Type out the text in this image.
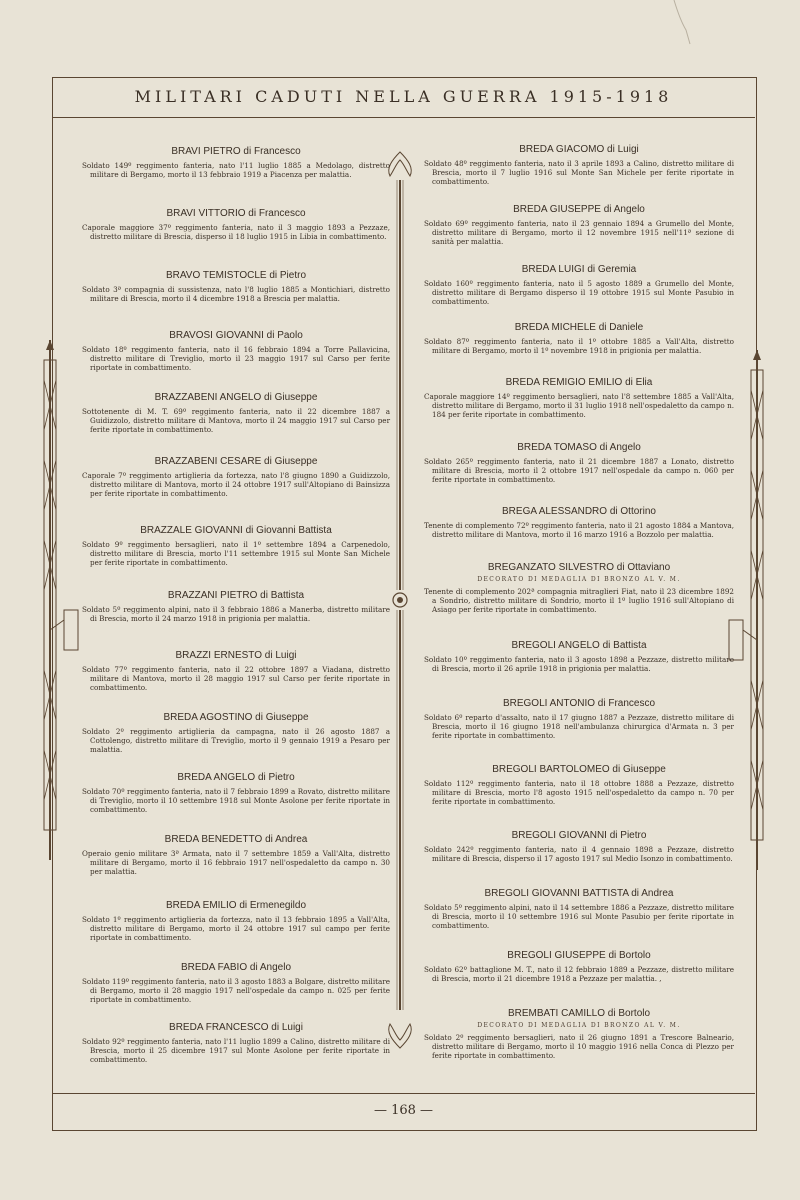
MILITARI CADUTI NELLA GUERRA 1915-1918
BRAVI PIETRO di Francesco
Soldato 149º reggimento fanteria, nato l'11 luglio 1885 a Medolago, distretto militare di Bergamo, morto il 13 febbraio 1919 a Piacenza per malattia.
BRAVI VITTORIO di Francesco
Caporale maggiore 37º reggimento fanteria, nato il 3 maggio 1893 a Pezzaze, distretto militare di Brescia, disperso il 18 luglio 1915 in Libia in combattimento.
BRAVO TEMISTOCLE di Pietro
Soldato 3ª compagnia di sussistenza, nato l'8 luglio 1885 a Montichiari, distretto militare di Brescia, morto il 4 dicembre 1918 a Brescia per malattia.
BRAVOSI GIOVANNI di Paolo
Soldato 18º reggimento fanteria, nato il 16 febbraio 1894 a Torre Pallavicina, distretto militare di Treviglio, morto il 23 maggio 1917 sul Carso per ferite riportate in combattimento.
BRAZZABENI ANGELO di Giuseppe
Sottotenente di M. T. 69º reggimento fanteria, nato il 22 dicembre 1887 a Guidizzolo, distretto militare di Mantova, morto il 24 maggio 1917 sul Carso per ferite riportate in combattimento.
BRAZZABENI CESARE di Giuseppe
Caporale 7º reggimento artiglieria da fortezza, nato l'8 giugno 1890 a Guidizzolo, distretto militare di Mantova, morto il 24 ottobre 1917 sull'Altopiano di Bainsizza per ferite riportate in combattimento.
BRAZZALE GIOVANNI di Giovanni Battista
Soldato 9º reggimento bersaglieri, nato il 1º settembre 1894 a Carpenedolo, distretto militare di Brescia, morto l'11 settembre 1915 sul Monte San Michele per ferite riportate in combattimento.
BRAZZANI PIETRO di Battista
Soldato 5º reggimento alpini, nato il 3 febbraio 1886 a Manerba, distretto militare di Brescia, morto il 24 marzo 1918 in prigionia per malattia.
BRAZZI ERNESTO di Luigi
Soldato 77º reggimento fanteria, nato il 22 ottobre 1897 a Viadana, distretto militare di Mantova, morto il 28 maggio 1917 sul Carso per ferite riportate in combattimento.
BREDA AGOSTINO di Giuseppe
Soldato 2º reggimento artiglieria da campagna, nato il 26 agosto 1887 a Cottolengo, distretto militare di Treviglio, morto il 9 gennaio 1919 a Pesaro per malattia.
BREDA ANGELO di Pietro
Soldato 70º reggimento fanteria, nato il 7 febbraio 1899 a Rovato, distretto militare di Treviglio, morto il 10 settembre 1918 sul Monte Asolone per ferite riportate in combattimento.
BREDA BENEDETTO di Andrea
Operaio genio militare 3ª Armata, nato il 7 settembre 1859 a Vall'Alta, distretto militare di Bergamo, morto il 16 febbraio 1917 nell'ospedaletto da campo n. 30 per malattia.
BREDA EMILIO di Ermenegildo
Soldato 1º reggimento artiglieria da fortezza, nato il 13 febbraio 1895 a Vall'Alta, distretto militare di Bergamo, morto il 24 ottobre 1917 sul campo per ferite riportate in combattimento.
BREDA FABIO di Angelo
Soldato 119º reggimento fanteria, nato il 3 agosto 1883 a Bolgare, distretto militare di Bergamo, morto il 28 maggio 1917 nell'ospedale da campo n. 025 per ferite riportate in combattimento.
BREDA FRANCESCO di Luigi
Soldato 92º reggimento fanteria, nato l'11 luglio 1899 a Calino, distretto militare di Brescia, morto il 25 dicembre 1917 sul Monte Asolone per ferite riportate in combattimento.
BREDA GIACOMO di Luigi
Soldato 48º reggimento fanteria, nato il 3 aprile 1893 a Calino, distretto militare di Brescia, morto il 7 luglio 1916 sul Monte San Michele per ferite riportate in combattimento.
BREDA GIUSEPPE di Angelo
Soldato 69º reggimento fanteria, nato il 23 gennaio 1894 a Grumello del Monte, distretto militare di Bergamo, morto il 12 novembre 1915 nell'11ª sezione di sanità per malattia.
BREDA LUIGI di Geremia
Soldato 160º reggimento fanteria, nato il 5 agosto 1889 a Grumello del Monte, distretto militare di Bergamo disperso il 19 ottobre 1915 sul Monte Pasubio in combattimento.
BREDA MICHELE di Daniele
Soldato 87º reggimento fanteria, nato il 1º ottobre 1885 a Vall'Alta, distretto militare di Bergamo, morto il 1º novembre 1918 in prigionia per malattia.
BREDA REMIGIO EMILIO di Elia
Caporale maggiore 14º reggimento bersaglieri, nato l'8 settembre 1885 a Vall'Alta, distretto militare di Bergamo, morto il 31 luglio 1918 nell'ospedaletto da campo n. 184 per ferite riportate in combattimento.
BREDA TOMASO di Angelo
Soldato 265º reggimento fanteria, nato il 21 dicembre 1887 a Lonato, distretto militare di Brescia, morto il 2 ottobre 1917 nell'ospedale da campo n. 060 per ferite riportate in combattimento.
BREGA ALESSANDRO di Ottorino
Tenente di complemento 72º reggimento fanteria, nato il 21 agosto 1884 a Mantova, distretto militare di Mantova, morto il 16 marzo 1916 a Bozzolo per malattia.
BREGANZATO SILVESTRO di Ottaviano
DECORATO DI MEDAGLIA DI BRONZO AL V. M.
Tenente di complemento 202ª compagnia mitraglieri Fiat, nato il 23 dicembre 1892 a Sondrio, distretto militare di Sondrio, morto il 1º luglio 1916 sull'Altopiano di Asiago per ferite riportate in combattimento.
BREGOLI ANGELO di Battista
Soldato 10º reggimento fanteria, nato il 3 agosto 1898 a Pezzaze, distretto militare di Brescia, morto il 26 aprile 1918 in prigionia per malattia.
BREGOLI ANTONIO di Francesco
Soldato 6º reparto d'assalto, nato il 17 giugno 1887 a Pezzaze, distretto militare di Brescia, morto il 16 giugno 1918 nell'ambulanza chirurgica d'Armata n. 3 per ferite riportate in combattimento.
BREGOLI BARTOLOMEO di Giuseppe
Soldato 112º reggimento fanteria, nato il 18 ottobre 1888 a Pezzaze, distretto militare di Brescia, morto l'8 agosto 1915 nell'ospedaletto da campo n. 70 per ferite riportate in combattimento.
BREGOLI GIOVANNI di Pietro
Soldato 242º reggimento fanteria, nato il 4 gennaio 1898 a Pezzaze, distretto militare di Brescia, disperso il 17 agosto 1917 sul Medio Isonzo in combattimento.
BREGOLI GIOVANNI BATTISTA di Andrea
Soldato 5º reggimento alpini, nato il 14 settembre 1886 a Pezzaze, distretto militare di Brescia, morto il 10 settembre 1916 sul Monte Pasubio per ferite riportate in combattimento.
BREGOLI GIUSEPPE di Bortolo
Soldato 62º battaglione M. T., nato il 12 febbraio 1889 a Pezzaze, distretto militare di Brescia, morto il 21 dicembre 1918 a Pezzaze per malattia. ,
BREMBATI CAMILLO di Bortolo
DECORATO DI MEDAGLIA DI BRONZO AL V. M.
Soldato 2º reggimento bersaglieri, nato il 26 giugno 1891 a Trescore Balneario, distretto militare di Bergamo, morto il 10 maggio 1916 nella Conca di Plezzo per ferite riportate in combattimento.
— 168 —
